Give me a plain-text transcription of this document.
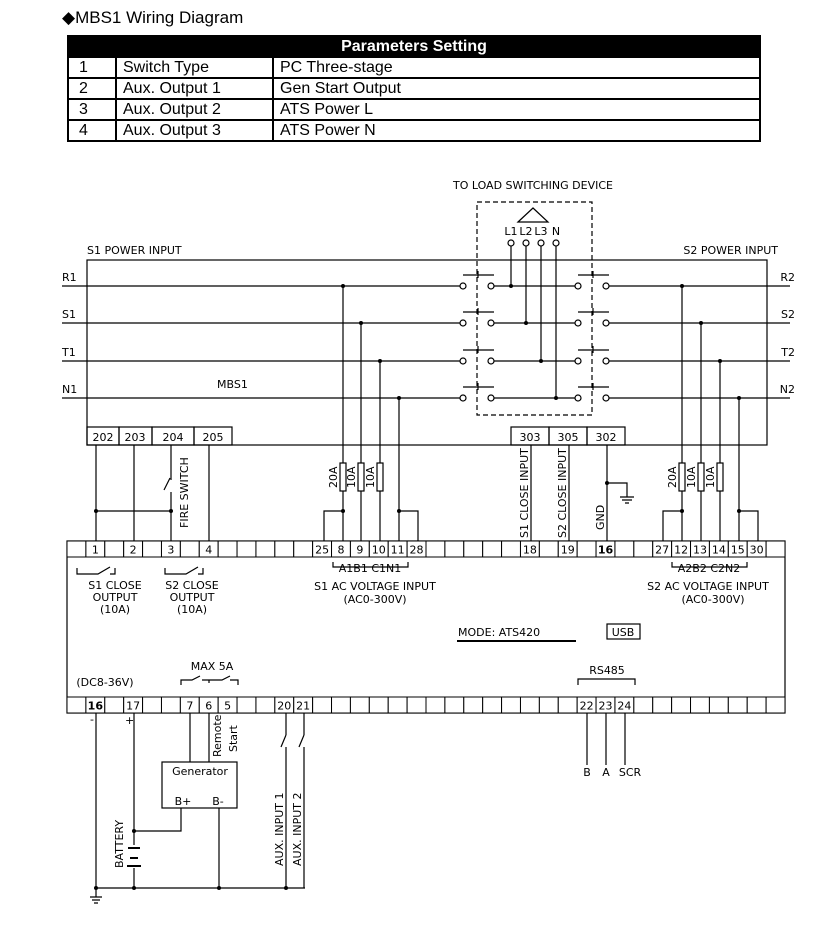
◆MBS1 Wiring Diagram
Parameters Setting		
1	Switch Type	PC Three-stage
2	Aux. Output 1	Gen Start Output
3	Aux. Output 2	ATS Power L
4	Aux. Output 3	ATS Power N
TO LOAD SWITCHING DEVICE
L1 L2 L3 N
S1 POWER INPUT	S2 POWER INPUT
MBS1
R1	R2
S1	S2
T1	T2
N1	N2
202 203 204 205	303 305 302
20A 10A 10A	20A 10A 10A
FIRE SWITCH	S1 CLOSE INPUT S2 CLOSE INPUT GND
1	2	3	4	25 8 9 10 11 28	18 19 16	27 12 13 14 15 30
16 17	7 6 5	20 21	22 23 24
S1 CLOSE
OUTPUT
(10A)
S2 CLOSE
OUTPUT
(10A)
A1B1 C1N1	A2B2 C2N2
S1 AC VOLTAGE INPUT
(AC0-300V)
S2 AC VOLTAGE INPUT
(AC0-300V)
MODE: ATS420	USB
RS485
(DC8-36V)
MAX 5A
-	+	Remote Start
Generator
B+ B-
BATTERY	AUX. INPUT 1 AUX. INPUT 2
B A SCR
